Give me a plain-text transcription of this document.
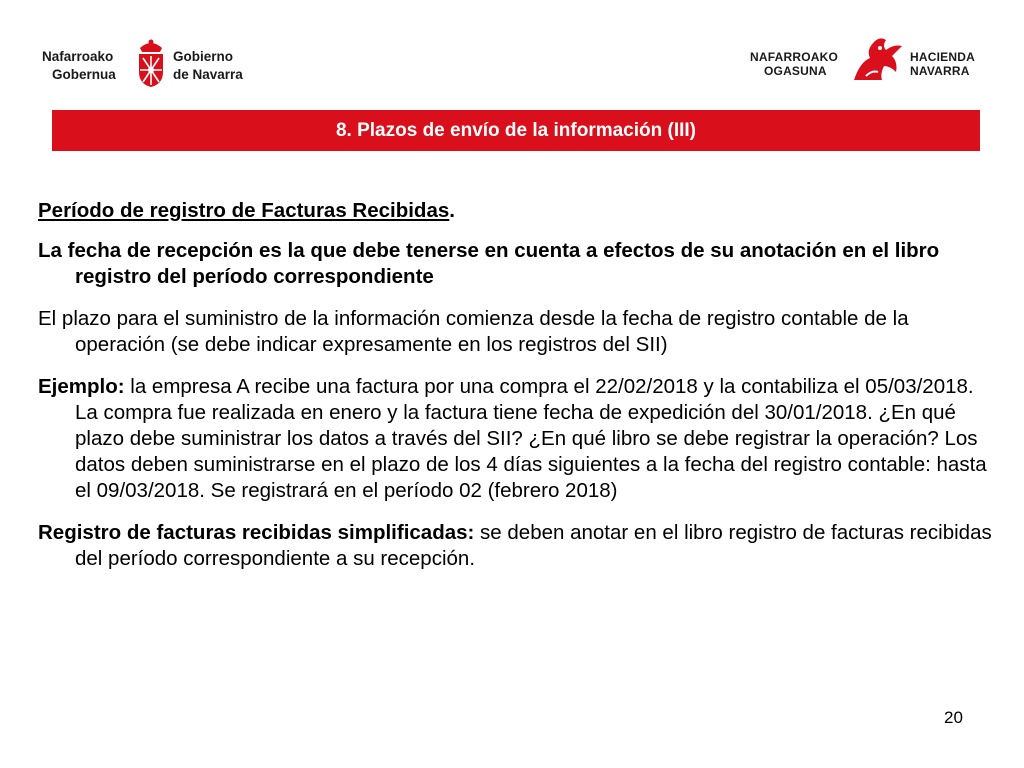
Nafarroako
Gobernua
Gobierno
de Navarra
NAFARROAKO
OGASUNA
HACIENDA
NAVARRA
8. Plazos de envío de la información (III)

Período de registro de Facturas Recibidas.

La fecha de recepción es la que debe tenerse en cuenta a efectos de su anotación en el libro registro del período correspondiente

El plazo para el suministro de la información comienza desde la fecha de registro contable de la operación (se debe indicar expresamente en los registros del SII)

Ejemplo: la empresa A recibe una factura por una compra el 22/02/2018 y la contabiliza el 05/03/2018. La compra fue realizada en enero y la factura tiene fecha de expedición del 30/01/2018. ¿En qué plazo debe suministrar los datos a través del SII? ¿En qué libro se debe registrar la operación? Los datos deben suministrarse en el plazo de los 4 días siguientes a la fecha del registro contable: hasta el 09/03/2018. Se registrará en el período 02 (febrero 2018)

Registro de facturas recibidas simplificadas: se deben anotar en el libro registro de facturas recibidas del período correspondiente a su recepción.

20
